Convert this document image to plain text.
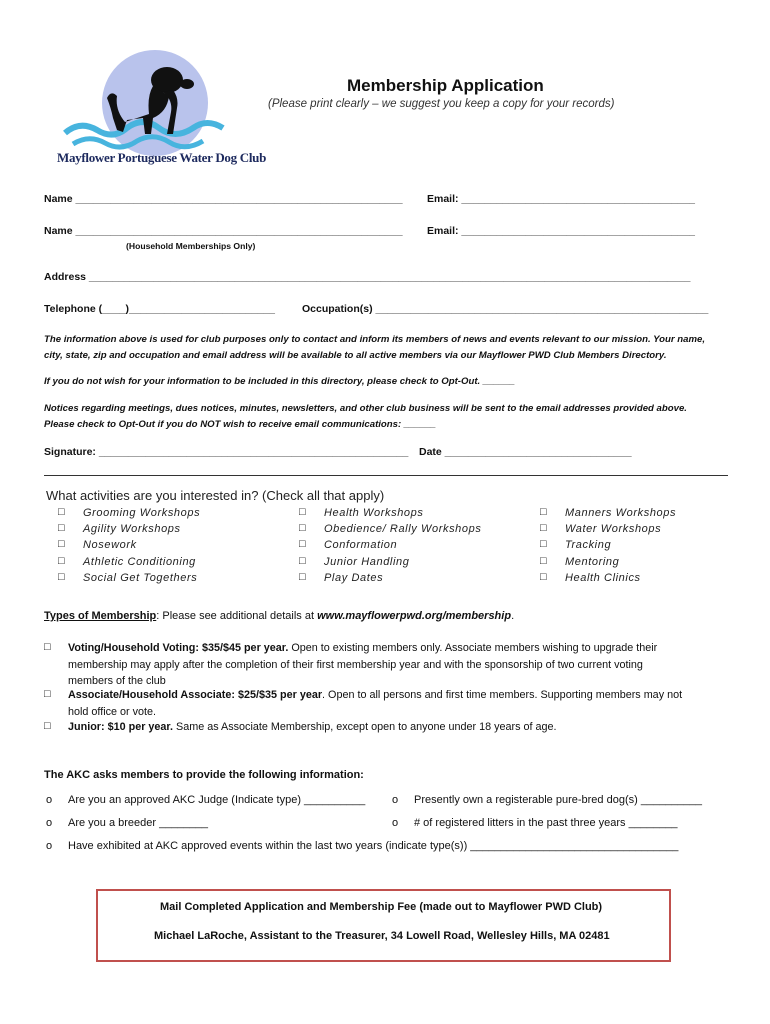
Mayflower Portuguese Water Dog Club
Membership Application
(Please print clearly – we suggest you keep a copy for your records)
Name ________________________________________________________ Email: ________________________________________
Name ________________________________________________________ Email: ________________________________________
(Household Memberships Only)
Address _______________________________________________________________________________________________________
Telephone (____)_________________________	Occupation(s) _________________________________________________________
The information above is used for club purposes only to contact and inform its members of news and events relevant to our mission. Your name,
city, state, zip and occupation and email address will be available to all active members via our Mayflower PWD Club Members Directory.
If you do not wish for your information to be included in this directory, please check to Opt-Out. ______
Notices regarding meetings, dues notices, minutes, newsletters, and other club business will be sent to the email addresses provided above.
Please check to Opt-Out if you do NOT wish to receive email communications: ______
Signature: _____________________________________________________ Date ________________________________
What activities are you interested in? (Check all that apply)
□ Grooming Workshops
□ Agility Workshops
□ Nosework
□ Athletic Conditioning
□ Social Get Togethers
□ Health Workshops
□ Obedience/ Rally Workshops
□ Conformation
□ Junior Handling
□ Play Dates
□ Manners Workshops
□ Water Workshops
□ Tracking
□ Mentoring
□ Health Clinics
Types of Membership: Please see additional details at www.mayflowerpwd.org/membership.
□ Voting/Household Voting: $35/$45 per year. Open to existing members only. Associate members wishing to upgrade their
membership may apply after the completion of their first membership year and with the sponsorship of two current voting
members of the club
□ Associate/Household Associate: $25/$35 per year. Open to all persons and first time members. Supporting members may not
hold office or vote.
□ Junior: $10 per year. Same as Associate Membership, except open to anyone under 18 years of age.
The AKC asks members to provide the following information:
o Are you an approved AKC Judge (Indicate type) __________ o Presently own a registerable pure-bred dog(s) __________
o Are you a breeder ________	o # of registered litters in the past three years ________
o Have exhibited at AKC approved events within the last two years (indicate type(s)) __________________________________
Mail Completed Application and Membership Fee (made out to Mayflower PWD Club)
Michael LaRoche, Assistant to the Treasurer, 34 Lowell Road, Wellesley Hills, MA 02481
